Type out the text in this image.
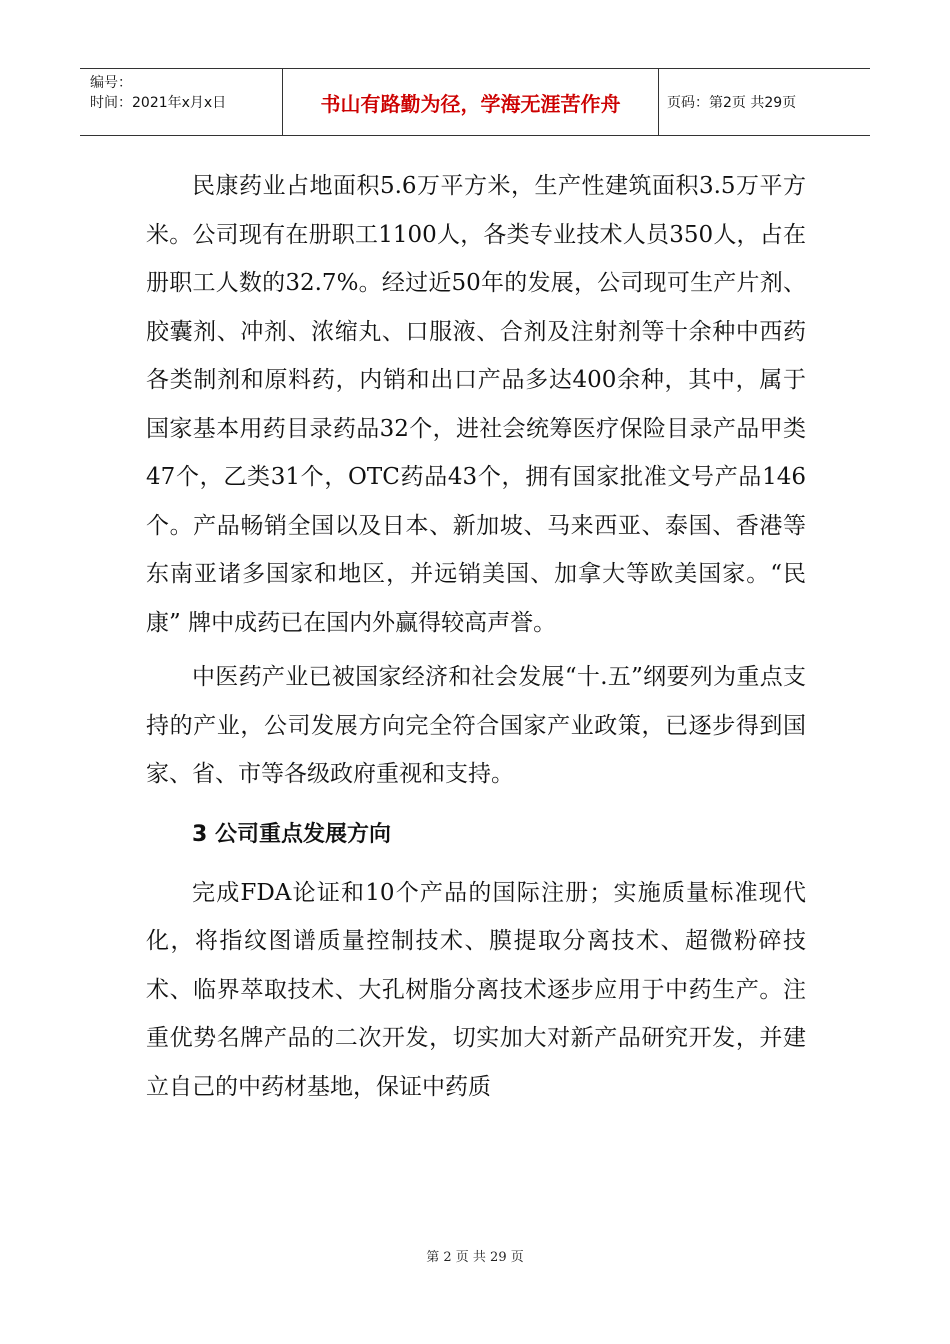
编号：
时间：2021年x月x日	书山有路勤为径，学海无涯苦作舟	页码：第2页 共29页

民康药业占地面积5.6万平方米，生产性建筑面积3.5万平方米。公司现有在册职工1100人，各类专业技术人员350人，占在册职工人数的32.7%。经过近50年的发展，公司现可生产片剂、胶囊剂、冲剂、浓缩丸、口服液、合剂及注射剂等十余种中西药各类制剂和原料药，内销和出口产品多达400余种，其中，属于国家基本用药目录药品32个，进社会统筹医疗保险目录产品甲类47个，乙类31个，OTC药品43个，拥有国家批准文号产品146个。产品畅销全国以及日本、新加坡、马来西亚、泰国、香港等东南亚诸多国家和地区，并远销美国、加拿大等欧美国家。“民康” 牌中成药已在国内外赢得较高声誉。

中医药产业已被国家经济和社会发展“十.五”纲要列为重点支持的产业，公司发展方向完全符合国家产业政策，已逐步得到国家、省、市等各级政府重视和支持。

3 公司重点发展方向

完成FDA论证和10个产品的国际注册；实施质量标准现代化，将指纹图谱质量控制技术、膜提取分离技术、超微粉碎技术、临界萃取技术、大孔树脂分离技术逐步应用于中药生产。注重优势名牌产品的二次开发，切实加大对新产品研究开发，并建立自己的中药材基地，保证中药质

第 2 页 共 29 页
